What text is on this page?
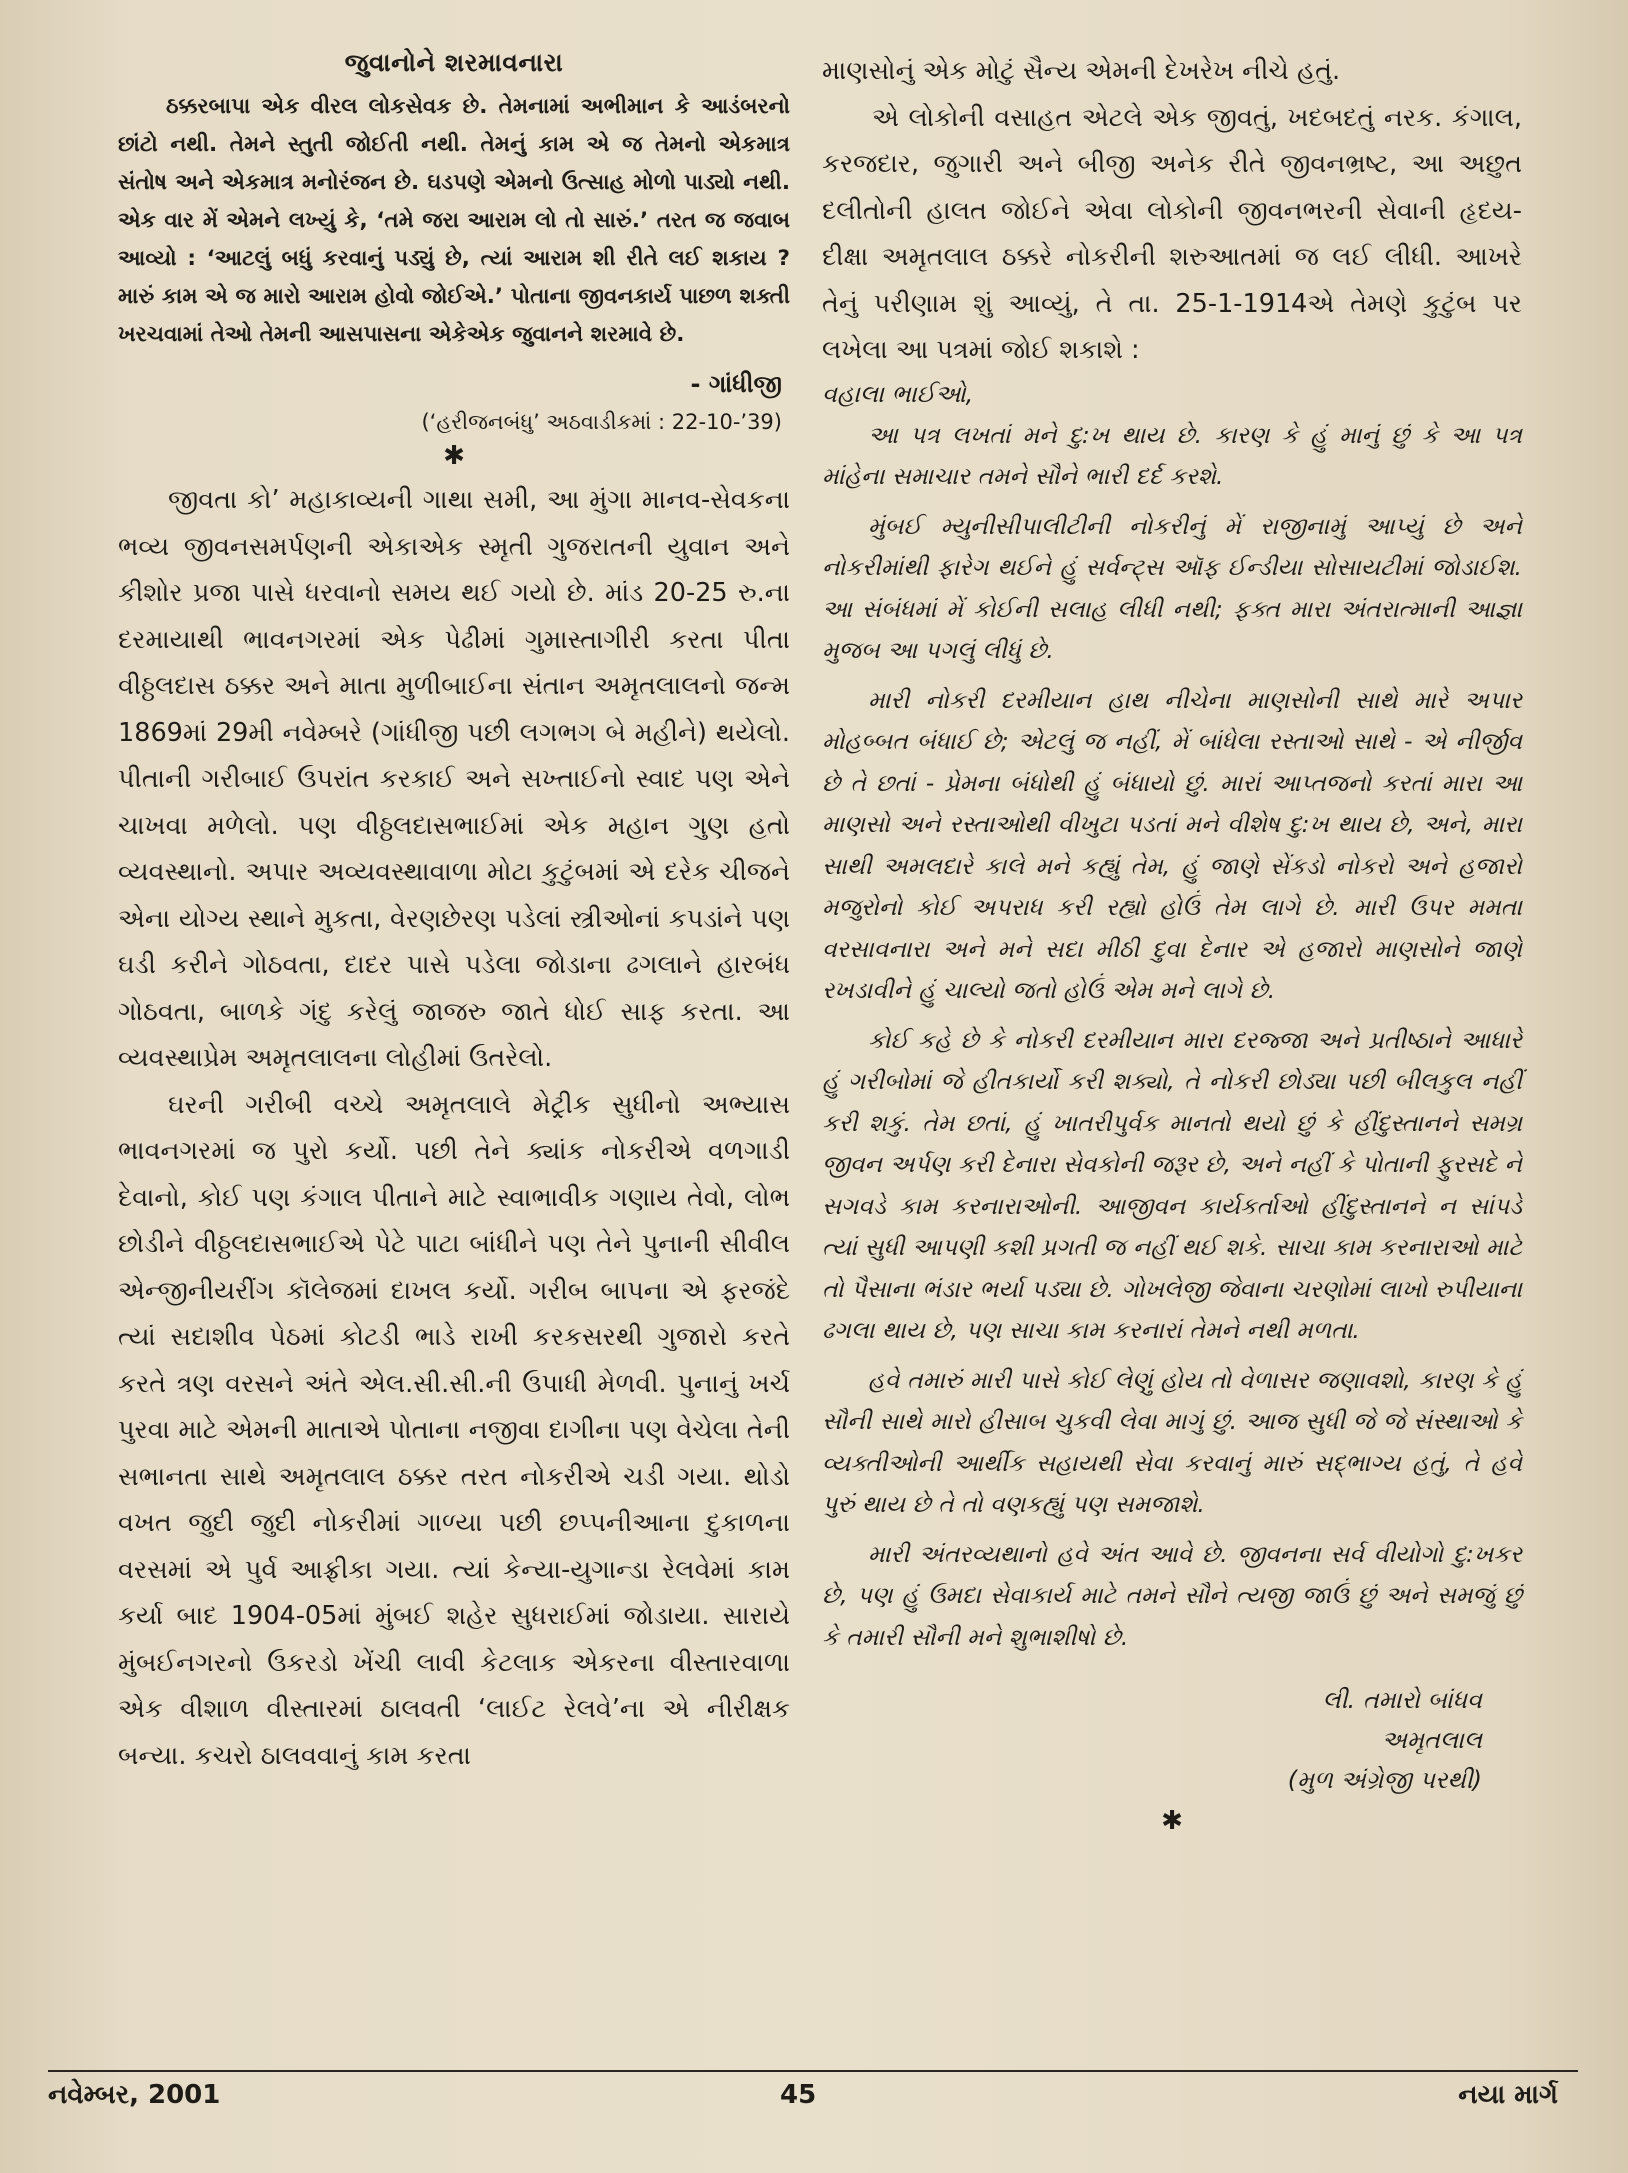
જુવાનોને શરમાવનારા

ઠક્કરબાપા એક વીરલ લોકસેવક છે. તેમનામાં અભીમાન કે આડંબરનો છાંટો નથી. તેમને સ્તુતી જોઈતી નથી. તેમનું કામ એ જ તેમનો એકમાત્ર સંતોષ અને એકમાત્ર મનોરંજન છે. ઘડપણે એમનો ઉત્સાહ મોળો પાડ્યો નથી. એક વાર મેં એમને લખ્યું કે, ‘તમે જરા આરામ લો તો સારું.’ તરત જ જવાબ આવ્યો : ‘આટલું બધું કરવાનું પડ્યું છે, ત્યાં આરામ શી રીતે લઈ શકાય ? મારું કામ એ જ મારો આરામ હોવો જોઈએ.’ પોતાના જીવનકાર્ય પાછળ શક્તી ખરચવામાં તેઓ તેમની આસપાસના એકેએક જુવાનને શરમાવે છે.

- ગાંધીજી
(‘હરીજનબંધુ’ અઠવાડીકમાં : 22-10-’39)
✱

જીવતા કો’ મહાકાવ્યની ગાથા સમી, આ મુંગા માનવ-સેવકના ભવ્ય જીવનસમર્પણની એકાએક સ્મૃતી ગુજરાતની યુવાન અને કીશોર પ્રજા પાસે ધરવાનો સમય થઈ ગયો છે. માંડ 20-25 રુ.ના દરમાયાથી ભાવનગરમાં એક પેઢીમાં ગુમાસ્તાગીરી કરતા પીતા વીઠ્ઠલદાસ ઠક્કર અને માતા મુળીબાઈના સંતાન અમૃતલાલનો જન્મ 1869માં 29મી નવેમ્બરે (ગાંધીજી પછી લગભગ બે મહીને) થયેલો. પીતાની ગરીબાઈ ઉપરાંત કરકાઈ અને સખ્તાઈનો સ્વાદ પણ એને ચાખવા મળેલો. પણ વીઠ્ઠલદાસભાઈમાં એક મહાન ગુણ હતો વ્યવસ્થાનો. અપાર અવ્યવસ્થાવાળા મોટા કુટુંબમાં એ દરેક ચીજને એના યોગ્ય સ્થાને મુકતા, વેરણછેરણ પડેલાં સ્ત્રીઓનાં કપડાંને પણ ઘડી કરીને ગોઠવતા, દાદર પાસે પડેલા જોડાના ઢગલાને હારબંધ ગોઠવતા, બાળકે ગંદુ કરેલું જાજરુ જાતે ધોઈ સાફ કરતા. આ વ્યવસ્થાપ્રેમ અમૃતલાલના લોહીમાં ઉતરેલો.

ઘરની ગરીબી વચ્ચે અમૃતલાલે મેટ્રીક સુધીનો અભ્યાસ ભાવનગરમાં જ પુરો કર્યો. પછી તેને ક્યાંક નોકરીએ વળગાડી દેવાનો, કોઈ પણ કંગાલ પીતાને માટે સ્વાભાવીક ગણાય તેવો, લોભ છોડીને વીઠ્ઠલદાસભાઈએ પેટે પાટા બાંધીને પણ તેને પુનાની સીવીલ એન્જીનીયરીંગ કૉલેજમાં દાખલ કર્યો. ગરીબ બાપના એ ફરજંદે ત્યાં સદાશીવ પેઠમાં કોટડી ભાડે રાખી કરકસરથી ગુજારો કરતે કરતે ત્રણ વરસને અંતે એલ.સી.સી.ની ઉપાધી મેળવી. પુનાનું ખર્ચ પુરવા માટે એમની માતાએ પોતાના નજીવા દાગીના પણ વેચેલા તેની સભાનતા સાથે અમૃતલાલ ઠક્કર તરત નોકરીએ ચડી ગયા. થોડો વખત જુદી જુદી નોકરીમાં ગાળ્યા પછી છપ્પનીઆના દુકાળના વરસમાં એ પુર્વ આફ્રીકા ગયા. ત્યાં કેન્યા-યુગાન્ડા રેલવેમાં કામ કર્યા બાદ 1904-05માં મુંબઈ શહેર સુધરાઈમાં જોડાયા. સારાયે મુંબઈનગરનો ઉકરડો ખેંચી લાવી કેટલાક એકરના વીસ્તારવાળા એક વીશાળ વીસ્તારમાં ઠાલવતી ‘લાઈટ રેલવે’ના એ નીરીક્ષક બન્યા. કચરો ઠાલવવાનું કામ કરતા

માણસોનું એક મોટું સૈન્ય એમની દેખરેખ નીચે હતું.

એ લોકોની વસાહત એટલે એક જીવતું, ખદબદતું નરક. કંગાલ, કરજદાર, જુગારી અને બીજી અનેક રીતે જીવનભ્રષ્ટ, આ અછુત દલીતોની હાલત જોઈને એવા લોકોની જીવનભરની સેવાની હૃદય-દીક્ષા અમૃતલાલ ઠક્કરે નોકરીની શરુઆતમાં જ લઈ લીધી. આખરે તેનું પરીણામ શું આવ્યું, તે તા. 25-1-1914એ તેમણે કુટુંબ પર લખેલા આ પત્રમાં જોઈ શકાશે :

વહાલા ભાઈઓ,

આ પત્ર લખતાં મને દુ:ખ થાય છે. કારણ કે હું માનું છું કે આ પત્ર માંહેના સમાચાર તમને સૌને ભારી દર્દ કરશે.

મુંબઈ મ્યુનીસીપાલીટીની નોકરીનું મેં રાજીનામું આપ્યું છે અને નોકરીમાંથી ફારેગ થઈને હું સર્વન્ટ્સ ઑફ ઈન્ડીયા સોસાયટીમાં જોડાઈશ. આ સંબંધમાં મેં કોઈની સલાહ લીધી નથી; ફક્ત મારા અંતરાત્માની આજ્ઞા મુજબ આ પગલું લીધું છે.

મારી નોકરી દરમીયાન હાથ નીચેના માણસોની સાથે મારે અપાર મોહબ્બત બંધાઈ છે; એટલું જ નહીં, મેં બાંધેલા રસ્તાઓ સાથે - એ નીર્જીવ છે તે છતાં - પ્રેમના બંધોથી હું બંધાયો છું. મારાં આપ્તજનો કરતાં મારા આ માણસો અને રસ્તાઓથી વીખુટા પડતાં મને વીશેષ દુ:ખ થાય છે, અને, મારા સાથી અમલદારે કાલે મને કહ્યું તેમ, હું જાણે સેંકડો નોકરો અને હજારો મજુરોનો કોઈ અપરાધ કરી રહ્યો હોઉં તેમ લાગે છે. મારી ઉપર મમતા વરસાવનારા અને મને સદા મીઠી દુવા દેનાર એ હજારો માણસોને જાણે રખડાવીને હું ચાલ્યો જતો હોઉં એમ મને લાગે છે.

કોઈ કહે છે કે નોકરી દરમીયાન મારા દરજ્જા અને પ્રતીષ્ઠાને આધારે હું ગરીબોમાં જે હીતકાર્યો કરી શક્યો, તે નોકરી છોડ્યા પછી બીલકુલ નહીં કરી શકું. તેમ છતાં, હું ખાતરીપુર્વક માનતો થયો છું કે હીંદુસ્તાનને સમગ્ર જીવન અર્પણ કરી દેનારા સેવકોની જરૂર છે, અને નહીં કે પોતાની ફુરસદે ને સગવડે કામ કરનારાઓની. આજીવન કાર્યકર્તાઓ હીંદુસ્તાનને ન સાંપડે ત્યાં સુધી આપણી કશી પ્રગતી જ નહીં થઈ શકે. સાચા કામ કરનારાઓ માટે તો પૈસાના ભંડાર ભર્યા પડ્યા છે. ગોખલેજી જેવાના ચરણોમાં લાખો રુપીયાના ઢગલા થાય છે, પણ સાચા કામ કરનારાં તેમને નથી મળતા.

હવે તમારું મારી પાસે કોઈ લેણું હોય તો વેળાસર જણાવશો, કારણ કે હું સૌની સાથે મારો હીસાબ ચુકવી લેવા માગું છું. આજ સુધી જે જે સંસ્થાઓ કે વ્યક્તીઓની આર્થીક સહાયથી સેવા કરવાનું મારું સદ્ભાગ્ય હતું, તે હવે પુરું થાય છે તે તો વણકહ્યું પણ સમજાશે.

મારી અંતરવ્યથાનો હવે અંત આવે છે. જીવનના સર્વ વીયોગો દુ:ખકર છે, પણ હું ઉમદા સેવાકાર્ય માટે તમને સૌને ત્યજી જાઉં છું અને સમજું છું કે તમારી સૌની મને શુભાશીષો છે.

લી. તમારો બાંધવ

અમૃતલાલ

(મુળ અંગ્રેજી પરથી)

✱
નવેમ્બર, 2001	45	નયા માર્ગ
